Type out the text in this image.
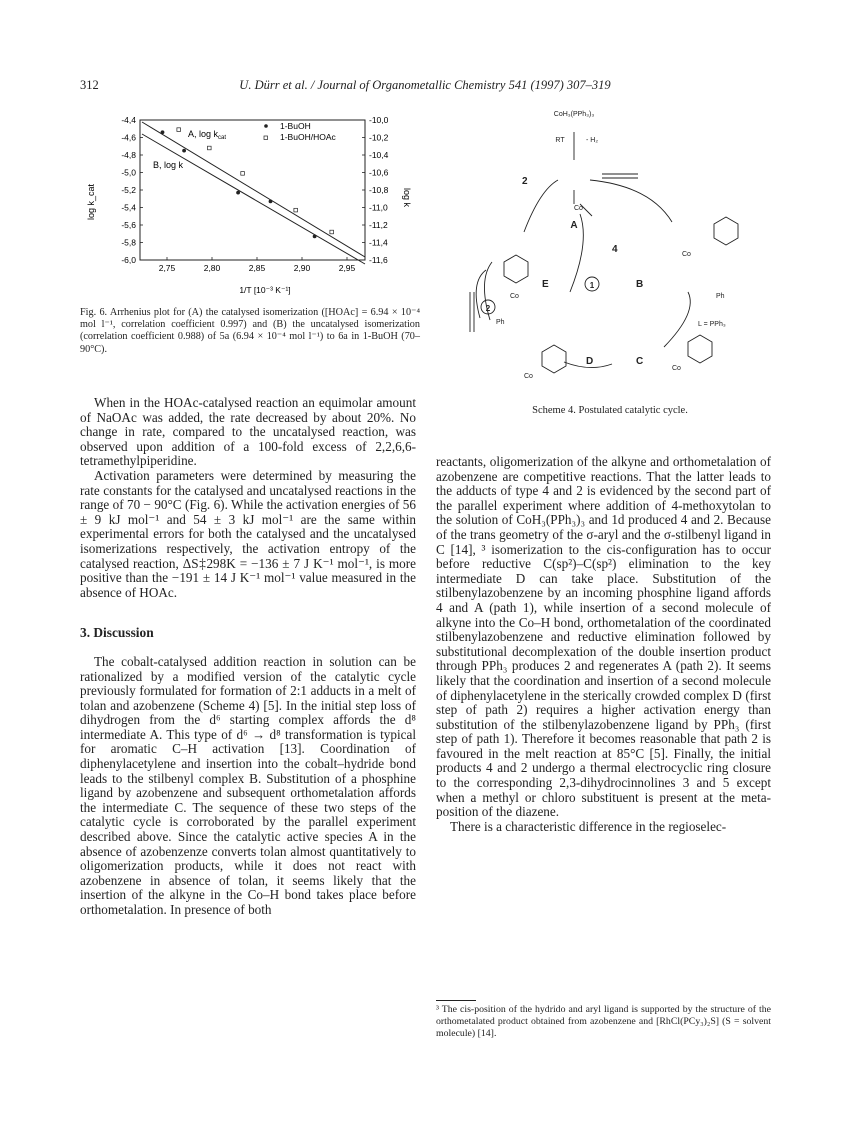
312	U. Dürr et al. / Journal of Organometallic Chemistry 541 (1997) 307–319
2,75	2,80	2,85	2,90	2,95
-4,4
-4,6
-4,8
-5,0
-5,2
-5,4
-5,6
-5,8
-6,0
-10,0
-10,2
-10,4
-10,6
-10,8
-11,0
-11,2
-11,4
-11,6
A, $\log k_{cat}$
B, log k
1-BuOH
1-BuOH/HOAc
log k_cat	log k
1/T [10⁻³ K⁻¹]
Fig. 6. Arrhenius plot for (A) the catalysed isomerization ([HOAc] = 6.94 × 10⁻⁴ mol l⁻¹, correlation coefficient 0.997) and (B) the uncatalysed isomerization (correlation coefficient 0.988) of 5a (6.94 × 10⁻⁴ mol l⁻¹) to 6a in 1-BuOH (70–90°C).
CoH₃(PPh₃)₃
RT	- H₂
Co
Co
Co
Co
Co
Ph
Ph
A
B
C
D
E
2
4
1
2
L = PPh₃
Scheme 4. Postulated catalytic cycle.

When in the HOAc-catalysed reaction an equimolar amount of NaOAc was added, the rate decreased by about 20%. No change in rate, compared to the uncatalysed reaction, was observed upon addition of a 100-fold excess of 2,2,6,6-tetramethylpiperidine.

Activation parameters were determined by measuring the rate constants for the catalysed and uncatalysed reactions in the range of 70 − 90°C (Fig. 6). While the activation energies of 56 ± 9 kJ mol⁻¹ and 54 ± 3 kJ mol⁻¹ are the same within experimental errors for both the catalysed and the uncatalysed isomerizations respectively, the activation entropy of the catalysed reaction, ΔS‡298K = −136 ± 7 J K⁻¹ mol⁻¹, is more positive than the −191 ± 14 J K⁻¹ mol⁻¹ value measured in the absence of HOAc.

3. Discussion

The cobalt-catalysed addition reaction in solution can be rationalized by a modified version of the catalytic cycle previously formulated for formation of 2:1 adducts in a melt of tolan and azobenzene (Scheme 4) [5]. In the initial step loss of dihydrogen from the d⁶ starting complex affords the d⁸ intermediate A. This type of d⁶ → d⁸ transformation is typical for aromatic C–H activation [13]. Coordination of diphenylacetylene and insertion into the cobalt–hydride bond leads to the stilbenyl complex B. Substitution of a phosphine ligand by azobenzene and subsequent orthometalation affords the intermediate C. The sequence of these two steps of the catalytic cycle is corroborated by the parallel experiment described above. Since the catalytic active species A in the absence of azobenzenze converts tolan almost quantitatively to oligomerization products, while it does not react with azobenzene in absence of tolan, it seems likely that the insertion of the alkyne in the Co–H bond takes place before orthometalation. In presence of both

reactants, oligomerization of the alkyne and orthometalation of azobenzene are competitive reactions. That the latter leads to the adducts of type 4 and 2 is evidenced by the second part of the parallel experiment where addition of 4-methoxytolan to the solution of CoH₃(PPh₃)₃ and 1d produced 4 and 2. Because of the trans geometry of the σ-aryl and the σ-stilbenyl ligand in C [14], ³ isomerization to the cis-configuration has to occur before reductive C(sp²)–C(sp²) elimination to the key intermediate D can take place. Substitution of the stilbenylazobenzene by an incoming phosphine ligand affords 4 and A (path 1), while insertion of a second molecule of alkyne into the Co–H bond, orthometalation of the coordinated stilbenylazobenzene and reductive elimination followed by substitutional decomplexation of the double insertion product through PPh₃ produces 2 and regenerates A (path 2). It seems likely that the coordination and insertion of a second molecule of diphenylacetylene in the sterically crowded complex D (first step of path 2) requires a higher activation energy than substitution of the stilbenylazobenzene ligand by PPh₃ (first step of path 1). Therefore it becomes reasonable that path 2 is favoured in the melt reaction at 85°C [5]. Finally, the initial products 4 and 2 undergo a thermal electrocyclic ring closure to the corresponding 2,3-dihydrocinnolines 3 and 5 except when a methyl or chloro substituent is present at the meta-position of the diazene.

There is a characteristic difference in the regioselec-

³ The cis-position of the hydrido and aryl ligand is supported by the structure of the orthometalated product obtained from azobenzene and [RhCl(PCy₃)₂S] (S = solvent molecule) [14].
